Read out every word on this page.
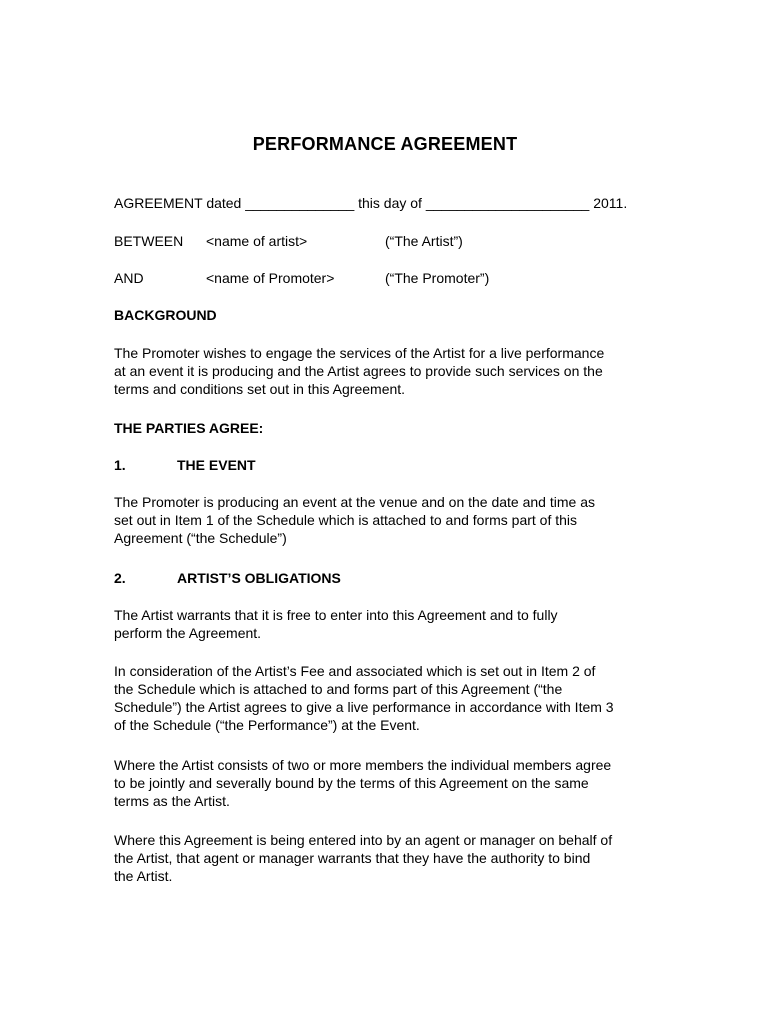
PERFORMANCE AGREEMENT
AGREEMENT dated ______________ this day of _____________________ 2011.
BETWEEN <name of artist>	(“The Artist”)
AND	<name of Promoter>	(“The Promoter”)
BACKGROUND
The Promoter wishes to engage the services of the Artist for a live performance
at an event it is producing and the Artist agrees to provide such services on the
terms and conditions set out in this Agreement.
THE PARTIES AGREE:
1.	THE EVENT
The Promoter is producing an event at the venue and on the date and time as
set out in Item 1 of the Schedule which is attached to and forms part of this
Agreement (“the Schedule”)
2.	ARTIST’S OBLIGATIONS
The Artist warrants that it is free to enter into this Agreement and to fully
perform the Agreement.
In consideration of the Artist’s Fee and associated which is set out in Item 2 of
the Schedule which is attached to and forms part of this Agreement (“the
Schedule”) the Artist agrees to give a live performance in accordance with Item 3
of the Schedule (“the Performance”) at the Event.
Where the Artist consists of two or more members the individual members agree
to be jointly and severally bound by the terms of this Agreement on the same
terms as the Artist.
Where this Agreement is being entered into by an agent or manager on behalf of
the Artist, that agent or manager warrants that they have the authority to bind
the Artist.
